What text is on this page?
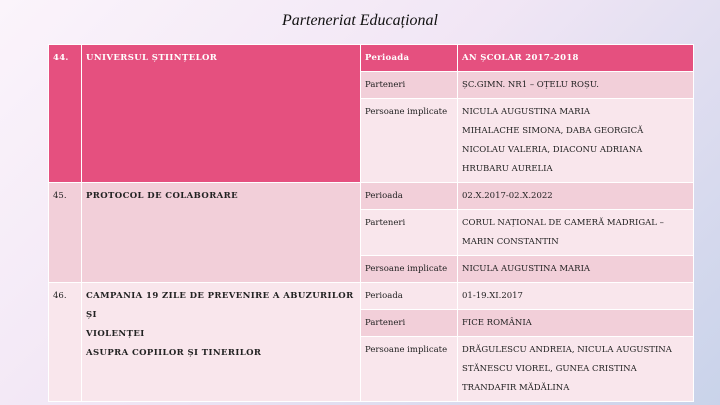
Parteneriat Educațional
44.	UNIVERSUL ȘTIINȚELOR	Perioada	AN ȘCOLAR 2017-2018

		Parteneri	ȘC.GIMN. NR1 – OȚELU ROȘU.

		Persoane implicate	NICULA AUGUSTINA MARIA
MIHALACHE SIMONA, DABA GEORGICĂ
NICOLAU VALERIA, DIACONU ADRIANA
HRUBARU AURELIA

45.	PROTOCOL DE COLABORARE	Perioada	02.X.2017-02.X.2022

		Parteneri	CORUL NAȚIONAL DE CAMERĂ MADRIGAL –
MARIN CONSTANTIN

		Persoane implicate	NICULA AUGUSTINA MARIA

46.	CAMPANIA 19 ZILE DE PREVENIRE A ABUZURILOR ȘI
VIOLENȚEI
ASUPRA COPIILOR ȘI TINERILOR	Perioada	01-19.XI.2017

		Parteneri	FICE ROMÂNIA

		Persoane implicate	DRĂGULESCU ANDREIA, NICULA AUGUSTINA
STĂNESCU VIOREL, GUNEA CRISTINA
TRANDAFIR MĂDĂLINA
